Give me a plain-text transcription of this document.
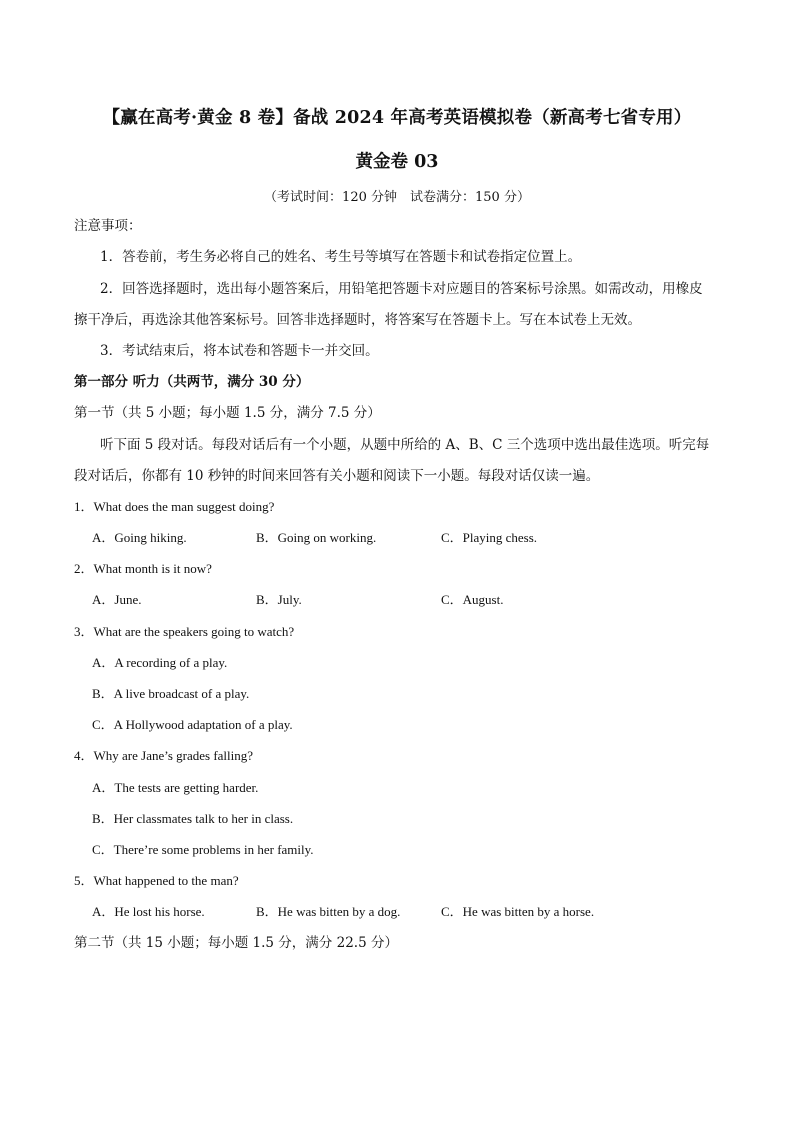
【赢在高考·黄金 8 卷】备战 2024 年高考英语模拟卷（新高考七省专用）
黄金卷 03
（考试时间：120 分钟　试卷满分：150 分）
注意事项：
1．答卷前，考生务必将自己的姓名、考生号等填写在答题卡和试卷指定位置上。
2．回答选择题时，选出每小题答案后，用铅笔把答题卡对应题目的答案标号涂黑。如需改动，用橡皮
擦干净后，再选涂其他答案标号。回答非选择题时，将答案写在答题卡上。写在本试卷上无效。
3．考试结束后，将本试卷和答题卡一并交回。
第一部分 听力（共两节，满分 30 分）
第一节（共 5 小题；每小题 1.5 分，满分 7.5 分）
听下面 5 段对话。每段对话后有一个小题，从题中所给的 A、B、C 三个选项中选出最佳选项。听完每
段对话后，你都有 10 秒钟的时间来回答有关小题和阅读下一小题。每段对话仅读一遍。
1．What does the man suggest doing?
A．Going hiking.	B．Going on working.	C．Playing chess.
2．What month is it now?
A．June.	B．July.	C．August.
3．What are the speakers going to watch?
A．A recording of a play.
B．A live broadcast of a play.
C．A Hollywood adaptation of a play.
4．Why are Jane’s grades falling?
A．The tests are getting harder.
B．Her classmates talk to her in class.
C．There’re some problems in her family.
5．What happened to the man?
A．He lost his horse.	B．He was bitten by a dog.	C．He was bitten by a horse.
第二节（共 15 小题；每小题 1.5 分，满分 22.5 分）
